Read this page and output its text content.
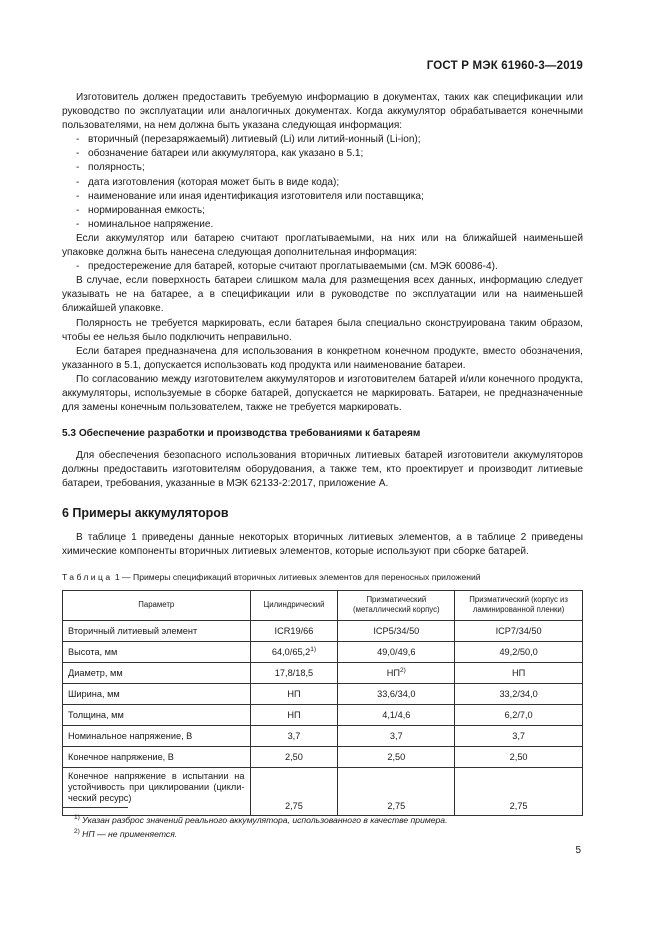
ГОСТ Р МЭК 61960-3—2019

Изготовитель должен предоставить требуемую информацию в документах, таких как спецификации или руководство по эксплуатации или аналогичных документах. Когда аккумулятор обрабатывается конечными пользователями, на нем должна быть указана следующая информация:

- вторичный (перезаряжаемый) литиевый (Li) или литий-ионный (Li-ion);

- обозначение батареи или аккумулятора, как указано в 5.1;

- полярность;

- дата изготовления (которая может быть в виде кода);

- наименование или иная идентификация изготовителя или поставщика;

- нормированная емкость;

- номинальное напряжение.

Если аккумулятор или батарею считают проглатываемыми, на них или на ближайшей наименьшей упаковке должна быть нанесена следующая дополнительная информация:

- предостережение для батарей, которые считают проглатываемыми (см. МЭК 60086-4).

В случае, если поверхность батареи слишком мала для размещения всех данных, информацию следует указывать не на батарее, а в спецификации или в руководстве по эксплуатации или на наименьшей ближайшей упаковке.

Полярность не требуется маркировать, если батарея была специально сконструирована таким образом, чтобы ее нельзя было подключить неправильно.

Если батарея предназначена для использования в конкретном конечном продукте, вместо обозначения, указанного в 5.1, допускается использовать код продукта или наименование батареи.

По согласованию между изготовителем аккумуляторов и изготовителем батарей и/или конечного продукта, аккумуляторы, используемые в сборке батарей, допускается не маркировать. Батареи, не предназначенные для замены конечным пользователем, также не требуется маркировать.

5.3 Обеспечение разработки и производства требованиями к батареям

Для обеспечения безопасного использования вторичных литиевых батарей изготовители аккумуляторов должны предоставить изготовителям оборудования, а также тем, кто проектирует и производит литиевые батареи, требования, указанные в МЭК 62133-2:2017, приложение А.

6 Примеры аккумуляторов

В таблице 1 приведены данные некоторых вторичных литиевых элементов, а в таблице 2 приведены химические компоненты вторичных литиевых элементов, которые используют при сборке батарей.

Таблица 1 — Примеры спецификаций вторичных литиевых элементов для переносных приложений

Параметр	Цилиндрический	Призматический (металлический корпус)	Призматический (корпус из ламинированной пленки)
Вторичный литиевый элемент	ICR19/66	ICP5/34/50	ICP7/34/50
Высота, мм	64,0/65,2$^{1)}$	49,0/49,6	49,2/50,0
Диаметр, мм	17,8/18,5	НП$^{2)}$	НП
Ширина, мм	НП	33,6/34,0	33,2/34,0
Толщина, мм	НП	4,1/4,6	6,2/7,0
Номинальное напряжение, В	3,7	3,7	3,7
Конечное напряжение, В	2,50	2,50	2,50
Конечное напряжение в испытании на устойчивость при циклировании (циклический ресурс)	2,75	2,75	2,75
$^{1)}$ Указан разброс значений реального аккумулятора, использованного в качестве примера.
$^{2)}$ НП — не применяется.
5
